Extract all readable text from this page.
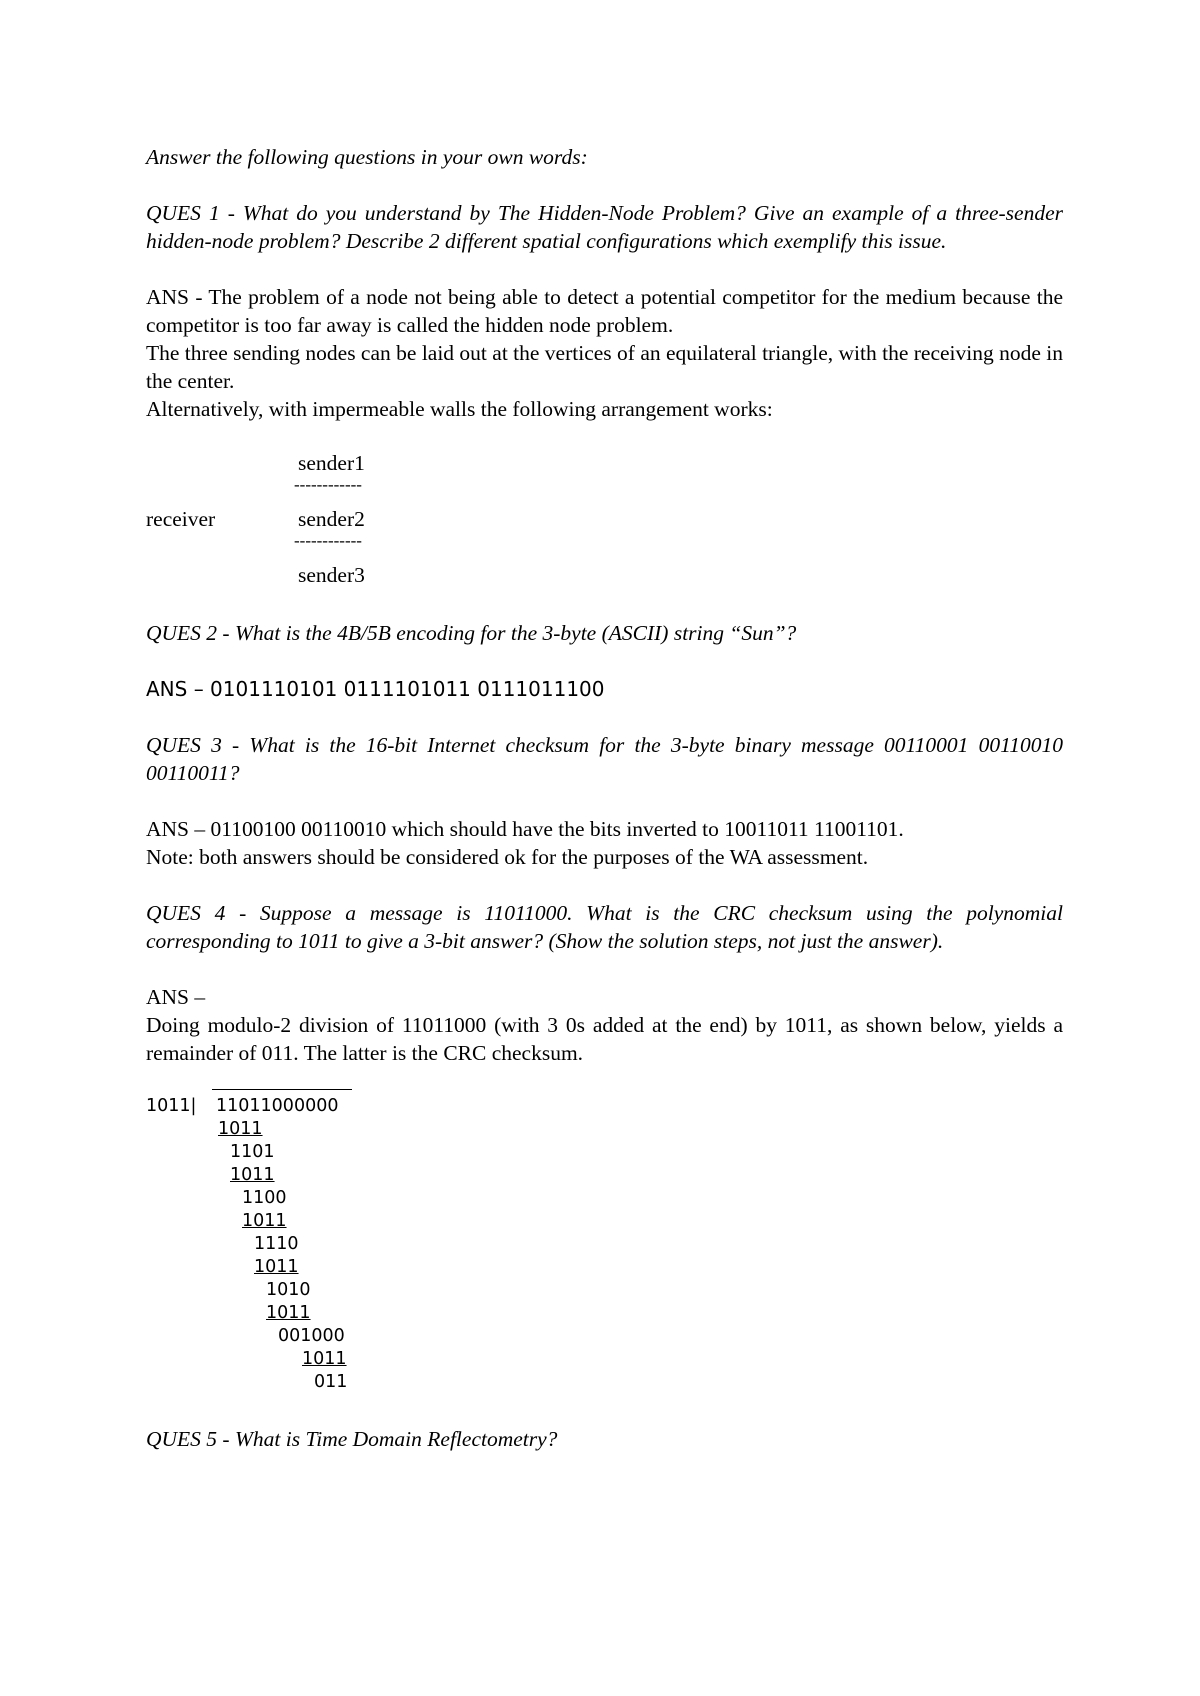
Answer the following questions in your own words:

QUES 1 - What do you understand by The Hidden-Node Problem? Give an example of a three-sender hidden-node problem? Describe 2 different spatial configurations which exemplify this issue.

ANS - The problem of a node not being able to detect a potential competitor for the medium because the competitor is too far away is called the hidden node problem.

The three sending nodes can be laid out at the vertices of an equilateral triangle, with the receiving node in the center.

Alternatively, with impermeable walls the following arrangement works:

sender1
------------
receiver	sender2
------------
sender3

QUES 2 - What is the 4B/5B encoding for the 3-byte (ASCII) string “Sun”?

ANS – 0101110101 0111101011 0111011100

QUES 3 - What is the 16-bit Internet checksum for the 3-byte binary message 00110001 00110010 00110011?

ANS – 01100100 00110010 which should have the bits inverted to 10011011 11001101.

Note: both answers should be considered ok for the purposes of the WA assessment.

QUES 4 - Suppose a message is 11011000. What is the CRC checksum using the polynomial corresponding to 1011 to give a 3-bit answer? (Show the solution steps, not just the answer).

ANS –

Doing modulo-2 division of 11011000 (with 3 0s added at the end) by 1011, as shown below, yields a remainder of 011. The latter is the CRC checksum.

1011| 11011000000
1011
1101
1011
1100
1011
1110
1011
1010
1011
001000
1011
011

QUES 5 - What is Time Domain Reflectometry?
